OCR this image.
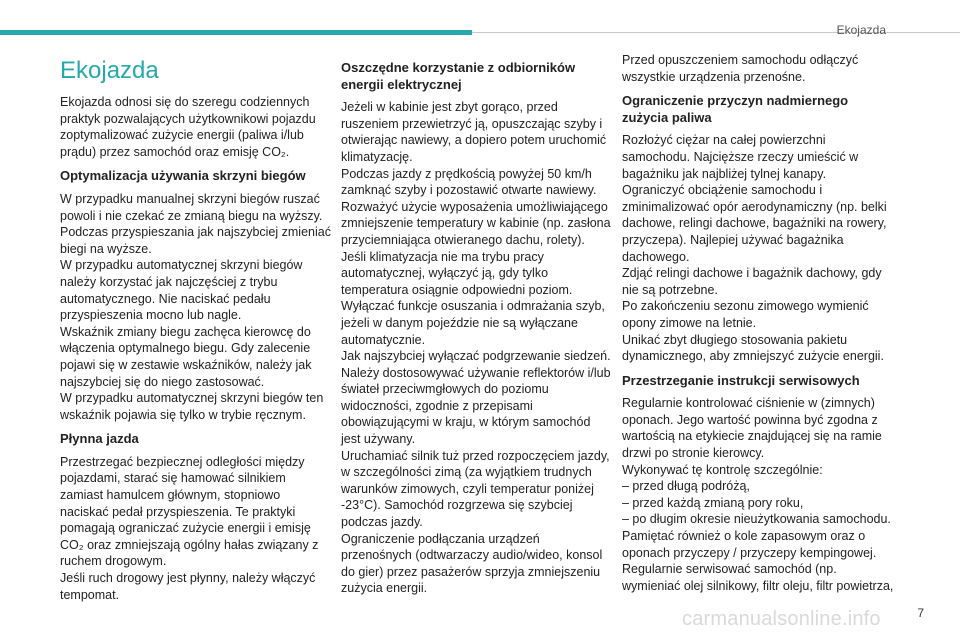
Ekojazda
Ekojazda

Ekojazda odnosi się do szeregu codziennych praktyk pozwalających użytkownikowi pojazdu zoptymalizować zużycie energii (paliwa i/lub prądu) przez samochód oraz emisję CO₂.

Optymalizacja używania skrzyni biegów

W przypadku manualnej skrzyni biegów ruszać powoli i nie czekać ze zmianą biegu na wyższy. Podczas przyspieszania jak najszybciej zmieniać biegi na wyższe.
W przypadku automatycznej skrzyni biegów należy korzystać jak najczęściej z trybu automatycznego. Nie naciskać pedału przyspieszenia mocno lub nagle.
Wskaźnik zmiany biegu zachęca kierowcę do włączenia optymalnego biegu. Gdy zalecenie pojawi się w zestawie wskaźników, należy jak najszybciej się do niego zastosować.
W przypadku automatycznej skrzyni biegów ten wskaźnik pojawia się tylko w trybie ręcznym.

Płynna jazda

Przestrzegać bezpiecznej odległości między pojazdami, starać się hamować silnikiem zamiast hamulcem głównym, stopniowo naciskać pedał przyspieszenia. Te praktyki pomagają ograniczać zużycie energii i emisję CO₂ oraz zmniejszają ogólny hałas związany z ruchem drogowym.
Jeśli ruch drogowy jest płynny, należy włączyć tempomat.

Oszczędne korzystanie z odbiorników energii elektrycznej

Jeżeli w kabinie jest zbyt gorąco, przed ruszeniem przewietrzyć ją, opuszczając szyby i otwierając nawiewy, a dopiero potem uruchomić klimatyzację.
Podczas jazdy z prędkością powyżej 50 km/h zamknąć szyby i pozostawić otwarte nawiewy.
Rozważyć użycie wyposażenia umożliwiającego zmniejszenie temperatury w kabinie (np. zasłona przyciemniająca otwieranego dachu, rolety).
Jeśli klimatyzacja nie ma trybu pracy automatycznej, wyłączyć ją, gdy tylko temperatura osiągnie odpowiedni poziom.
Wyłączać funkcje osuszania i odmrażania szyb, jeżeli w danym pojeździe nie są wyłączane automatycznie.
Jak najszybciej wyłączać podgrzewanie siedzeń.
Należy dostosowywać używanie reflektorów i/lub świateł przeciwmgłowych do poziomu widoczności, zgodnie z przepisami obowiązującymi w kraju, w którym samochód jest używany.
Uruchamiać silnik tuż przed rozpoczęciem jazdy, w szczególności zimą (za wyjątkiem trudnych warunków zimowych, czyli temperatur poniżej -23°C). Samochód rozgrzewa się szybciej podczas jazdy.
Ograniczenie podłączania urządzeń przenośnych (odtwarzaczy audio/wideo, konsol do gier) przez pasażerów sprzyja zmniejszeniu zużycia energii.

Przed opuszczeniem samochodu odłączyć wszystkie urządzenia przenośne.

Ograniczenie przyczyn nadmiernego zużycia paliwa

Rozłożyć ciężar na całej powierzchni samochodu. Najcięższe rzeczy umieścić w bagażniku jak najbliżej tylnej kanapy.
Ograniczyć obciążenie samochodu i zminimalizować opór aerodynamiczny (np. belki dachowe, relingi dachowe, bagażniki na rowery, przyczepa). Najlepiej używać bagażnika dachowego.
Zdjąć relingi dachowe i bagażnik dachowy, gdy nie są potrzebne.
Po zakończeniu sezonu zimowego wymienić opony zimowe na letnie.
Unikać zbyt długiego stosowania pakietu dynamicznego, aby zmniejszyć zużycie energii.

Przestrzeganie instrukcji serwisowych

Regularnie kontrolować ciśnienie w (zimnych) oponach. Jego wartość powinna być zgodna z wartością na etykiecie znajdującej się na ramie drzwi po stronie kierowcy.
Wykonywać tę kontrolę szczególnie:
– przed długą podróżą,
– przed każdą zmianą pory roku,
– po długim okresie nieużytkowania samochodu.
Pamiętać również o kole zapasowym oraz o oponach przyczepy / przyczepy kempingowej.
Regularnie serwisować samochód (np. wymieniać olej silnikowy, filtr oleju, filtr powietrza,

carmanualsonline.info	7
